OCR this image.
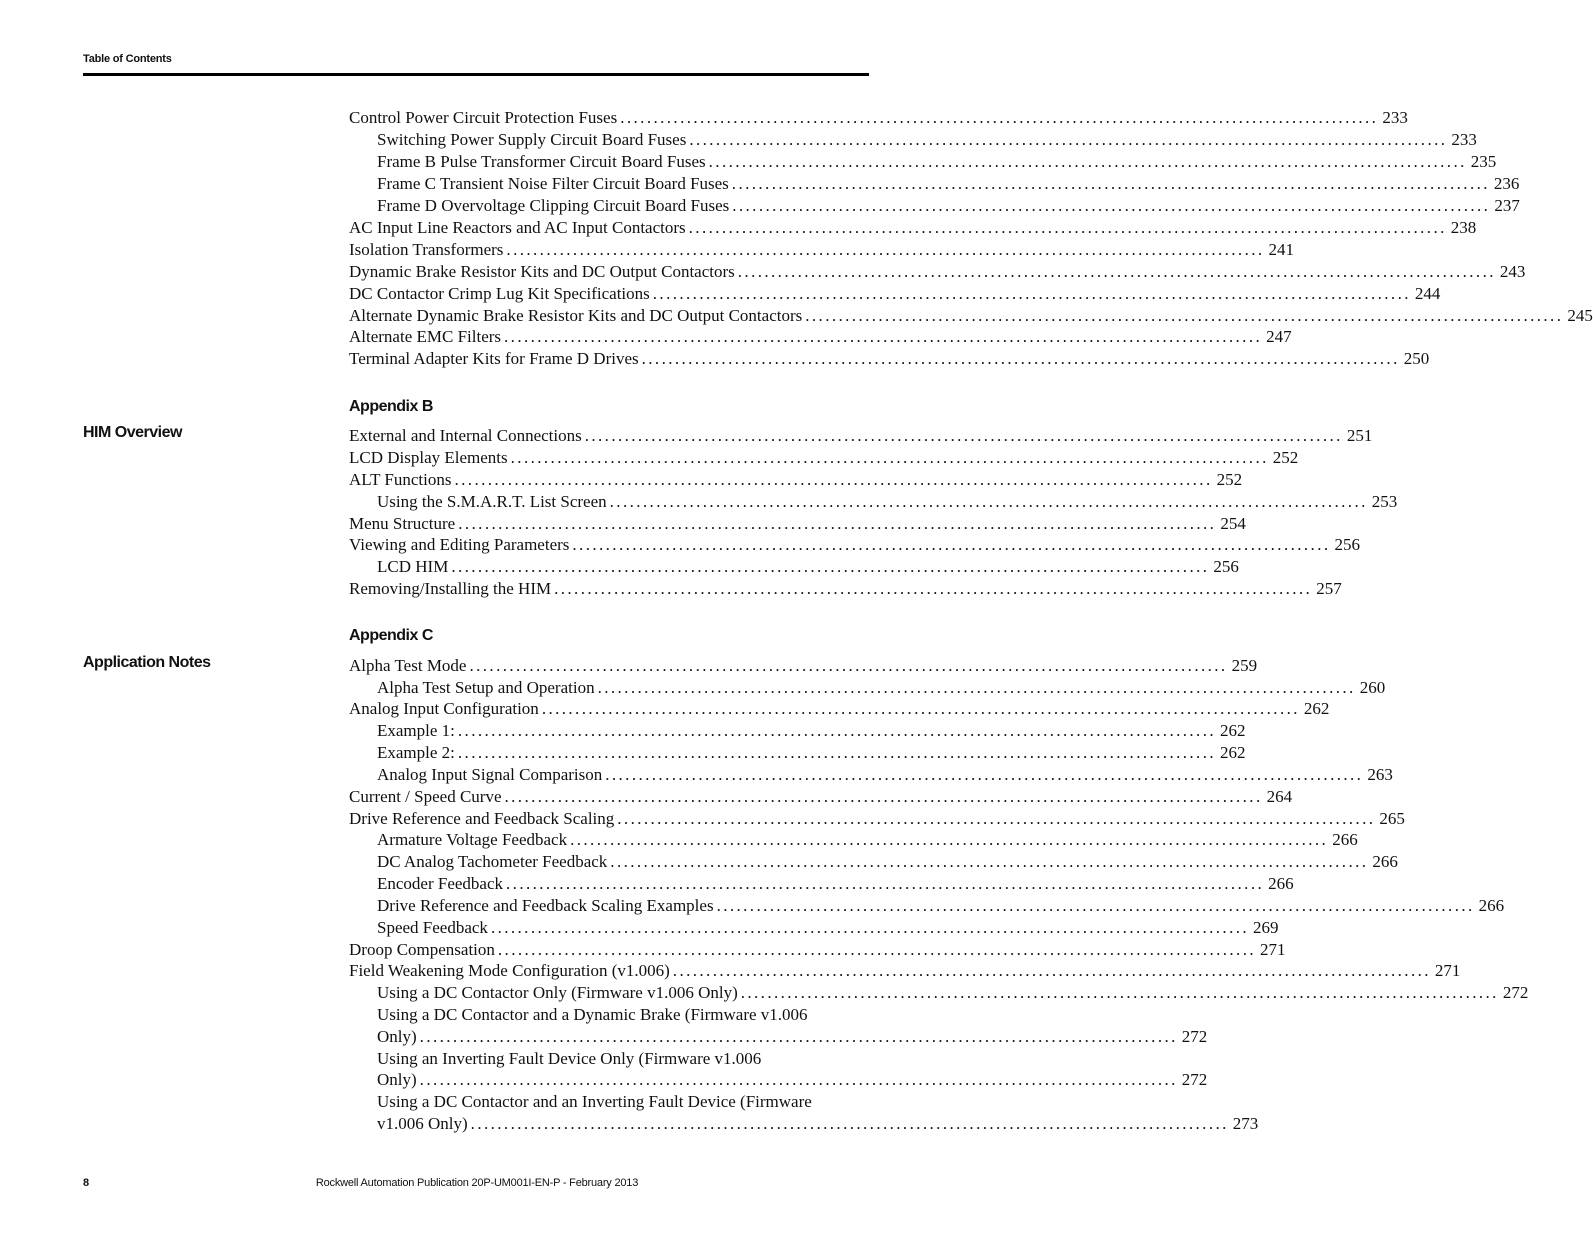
Table of Contents
Control Power Circuit Protection Fuses .................................................................................................................. 233
Switching Power Supply Circuit Board Fuses .................................................................................................................. 233
Frame B Pulse Transformer Circuit Board Fuses .................................................................................................................. 235
Frame C Transient Noise Filter Circuit Board Fuses .................................................................................................................. 236
Frame D Overvoltage Clipping Circuit Board Fuses .................................................................................................................. 237
AC Input Line Reactors and AC Input Contactors .................................................................................................................. 238
Isolation Transformers .................................................................................................................. 241
Dynamic Brake Resistor Kits and DC Output Contactors .................................................................................................................. 243
DC Contactor Crimp Lug Kit Specifications .................................................................................................................. 244
Alternate Dynamic Brake Resistor Kits and DC Output Contactors .................................................................................................................. 245
Alternate EMC Filters .................................................................................................................. 247
Terminal Adapter Kits for Frame D Drives .................................................................................................................. 250
Appendix B
HIM Overview	External and Internal Connections .................................................................................................................. 251
LCD Display Elements .................................................................................................................. 252
ALT Functions .................................................................................................................. 252
Using the S.M.A.R.T. List Screen .................................................................................................................. 253
Menu Structure .................................................................................................................. 254
Viewing and Editing Parameters .................................................................................................................. 256
LCD HIM .................................................................................................................. 256
Removing/Installing the HIM .................................................................................................................. 257
Appendix C
Application Notes	Alpha Test Mode .................................................................................................................. 259
Alpha Test Setup and Operation .................................................................................................................. 260
Analog Input Configuration .................................................................................................................. 262
Example 1: .................................................................................................................. 262
Example 2: .................................................................................................................. 262
Analog Input Signal Comparison .................................................................................................................. 263
Current / Speed Curve .................................................................................................................. 264
Drive Reference and Feedback Scaling .................................................................................................................. 265
Armature Voltage Feedback .................................................................................................................. 266
DC Analog Tachometer Feedback .................................................................................................................. 266
Encoder Feedback .................................................................................................................. 266
Drive Reference and Feedback Scaling Examples .................................................................................................................. 266
Speed Feedback .................................................................................................................. 269
Droop Compensation .................................................................................................................. 271
Field Weakening Mode Configuration (v1.006) .................................................................................................................. 271
Using a DC Contactor Only (Firmware v1.006 Only) .................................................................................................................. 272
Using a DC Contactor and a Dynamic Brake (Firmware v1.006
Only) .................................................................................................................. 272
Using an Inverting Fault Device Only (Firmware v1.006
Only) .................................................................................................................. 272
Using a DC Contactor and an Inverting Fault Device (Firmware
v1.006 Only) .................................................................................................................. 273
8	Rockwell Automation Publication 20P-UM001I-EN-P - February 2013
